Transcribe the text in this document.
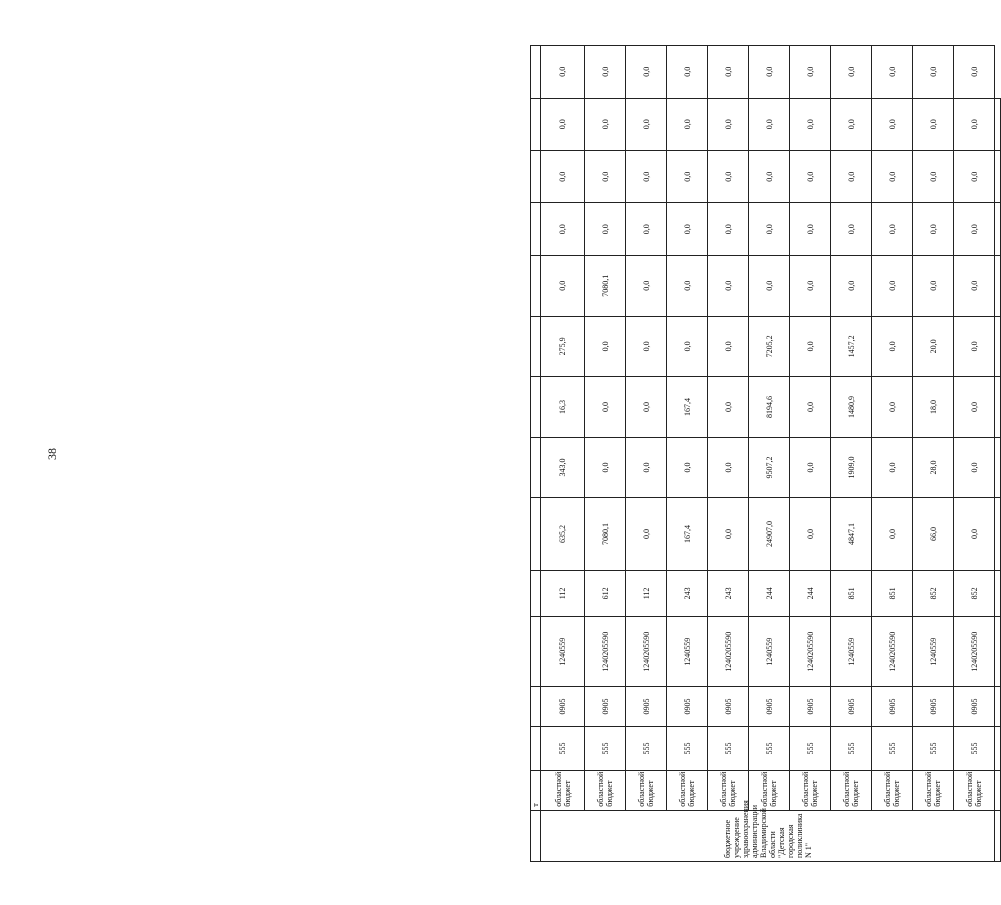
38
	т													
бюджетное учреждение здравоохранения администрации Владимирской области "Детская городская поликлиника N 1"	областной бюджет	555	0905	1240559	112	635,2	343,0	16,3	275,9	0,0	0,0	0,0	0,0	0,0
	областной бюджет	555	0905	1240205590	612	7080,1	0,0	0,0	0,0	7080,1	0,0	0,0	0,0	0,0
	областной бюджет	555	0905	1240205590	112	0,0	0,0	0,0	0,0	0,0	0,0	0,0	0,0	0,0
	областной бюджет	555	0905	1240559	243	167,4	0,0	167,4	0,0	0,0	0,0	0,0	0,0	0,0
	областной бюджет	555	0905	1240205590	243	0,0	0,0	0,0	0,0	0,0	0,0	0,0	0,0	0,0
	областной бюджет	555	0905	1240559	244	24907,0	9507,2	8194,6	7205,2	0,0	0,0	0,0	0,0	0,0
	областной бюджет	555	0905	1240205590	244	0,0	0,0	0,0	0,0	0,0	0,0	0,0	0,0	0,0
	областной бюджет	555	0905	1240559	851	4847,1	1909,0	1480,9	1457,2	0,0	0,0	0,0	0,0	0,0
	областной бюджет	555	0905	1240205590	851	0,0	0,0	0,0	0,0	0,0	0,0	0,0	0,0	0,0
	областной бюджет	555	0905	1240559	852	66,0	28,0	18,0	20,0	0,0	0,0	0,0	0,0	0,0
	областной бюджет	555	0905	1240205590	852	0,0	0,0	0,0	0,0	0,0	0,0	0,0	0,0	0,0
